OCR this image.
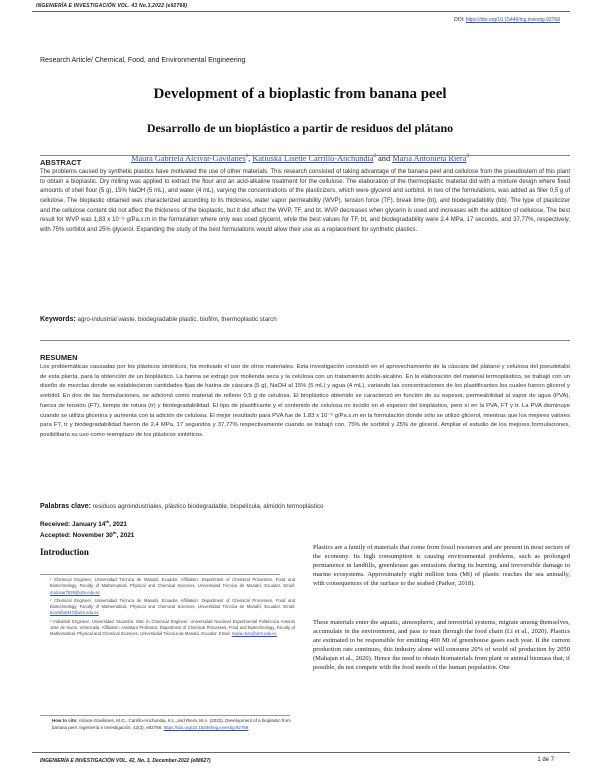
INGENIERÍA E INVESTIGACIÓN VOL. 43 No.3,2022 (e92768)
DOI: https://doi.org/10.15446/ing.investig.92768
Research Article/ Chemical, Food, and Environmental Engineering
Development of a bioplastic from banana peel
Desarrollo de un bioplástico a partir de residuos del plátano
Maura Gabriela Alcivar-Gavilanes$^1$, Katiuska Lisette Carrillo-Anchundia$^2$ and María Antonieta Riera$^3$
ABSTRACT

The problems caused by synthetic plastics have motivated the use of other materials. This research consisted of taking advantage of the banana peel and cellulose from the pseudostem of this plant to obtain a bioplastic. Dry milling was applied to extract the flour and an acid-alkaline treatment for the cellulose. The elaboration of the thermoplastic material did with a mixture design where fixed amounts of shell flour (5 g), 15% NaOH (5 mL), and water (4 mL), varying the concentrations of the plasticizers, which were glycerol and sorbitol. In two of the formulations, was added as filler 0,5 g of cellulose. The bioplastic obtained was characterized according to its thickness, water vapor permeability (WVP), tension force (TF), break time (bt), and biodegradability (bb). The type of plasticizer and the cellulose content did not affect the thickness of the bioplastic, but it did affect the WVP, TF, and bt. WVP decreases when glycerin is used and increases with the addition of cellulose. The best result for WVP was 1,83 x 10⁻⁹ g/Pa.s.m in the formulation where only was used glycerol, while the best values for TF, bt, and biodegradability were 2,4 MPa, 17 seconds, and 37,77%, respectively, with 75% sorbitol and 25% glycerol. Expanding the study of the best formulations would allow their use as a replacement for synthetic plastics.

Keywords: agro-industrial waste, biodegradable plastic, biofilm, thermoplastic starch
RESUMEN

Los problemáticas causadas por los plásticos sintéticos, ha motivado el uso de otros materiales. Esta investigación consistió en el aprovechamiento de la cáscara del plátano y celulosa del pseudotallo de esta planta, para la obtención de un bioplástico. La harina se extrajo por molienda seca y la celulosa con un tratamiento ácido-alcalino. En la elaboración del material termoplástico, se trabajó con un diseño de mezclas donde se establecieron cantidades fijas de harina de cáscara (5 g), NaOH al 15% (5 mL) y agua (4 mL), variando las concentraciones de los plastificantes los cuales fueron glicerol y sorbitol. En dos de las formulaciones, se adicionó como material de relleno 0,5 g de celulosa. El bioplástico obtenido se caracterizó en función de su espesor, permeabilidad al vapor de agua (PVA), fuerza de tensión (FT), tiempo de rotura (tr) y biodegradabilidad. El tipo de plastificante y el contenido de celulosa no incidió en el espesor del bioplástico, pero sí en la PVA, FT y tr. La PVA disminuye cuando se utiliza glicerina y aumenta con la adición de celulosa. El mejor resultado para PVA fue de 1,83 x 10⁻⁹ g/Pa.s.m en la formulación donde sólo se utilizó glicerol, mientras que los mejores valores para FT, tr y biodegradabilidad fueron de 2,4 MPa, 17 segundos y 37,77% respectivamente cuando se trabajó con, 75% de sorbitol y 25% de glicerol. Ampliar el estudio de los mejores formulaciones, posibilitaría su uso como reemplazo de los plásticos sintéticos.

Palabras clave: residuos agroindustriales, plástico biodegradable, biopelícula, almidón termoplástico
Received: January 14th, 2021
Accepted: November 30th, 2021
Introduction

¹ Chemical Engineer, Universidad Técnica de Manabí, Ecuador. Affiliation: Department of Chemical Processes, Food and Biotechnology, Faculty of Mathematical, Physical and Chemical Sciences, Universidad Técnica de Manabí, Ecuador. Email: malcivar7626@utm.edu.ec

² Chemical Engineer, Universidad Técnica de Manabí, Ecuador. Affiliation: Department of Chemical Processes, Food and Biotechnology, Faculty of Mathematical, Physical and Chemical Sciences, Universidad Técnica de Manabí, Ecuador. Email: kcarrillo8447@utm.edu.ec

³ Industrial Engineer, Universidad Yacambú. MSc in Chemical Engineer, Universidad Nacional Experimental Politécnica Antonio José de Sucre, Venezuela. Affiliation: Assistant Professor, Department of Chemical Processes, Food and Biotechnology, Faculty of Mathematical, Physical and Chemical Sciences, Universidad Técnica de Manabí, Ecuador. Email: maria.riera@utm.edu.ec

How to cite: Alcivar-Gavilanes, M.G., Carrillo-Anchundia, K.L.,and Riera, M.A. (2022). Development of a bioplastic from banana peel. Ingeniería e Investigación, 42(3), e92768. https://doi.org/10.15446/ing.investig.92768

Plastics are a family of materials that come from fossil resources and are present in most sectors of the economy. Its high consumption is causing environmental problems, such as prolonged permanence in landfills, greenhouse gas emissions during its burning, and irreversible damage to marine ecosystems. Approximately eight million tons (Mt) of plastic reaches the sea annually, with consequences of the surface to the seabed (Parker, 2018).

These materials enter the aquatic, atmospheric, and terrestrial systems, migrate among themselves, accumulate in the environment, and pass to man through the food chain (Li et al., 2020). Plastics are estimated to be responsible for emitting 400 Mt of greenhouse gases each year. If the current production rate continues, this industry alone will consume 20% of world oil production by 2050 (Mahajan et al., 2020). Hence the need to obtain biomaterials from plant or animal biomass that, if possible, do not compete with the food needs of the human population. One

INGENIERÍA E INVESTIGACIÓN VOL. 42, No. 3, December-2022 (e88627)	1 de 7
